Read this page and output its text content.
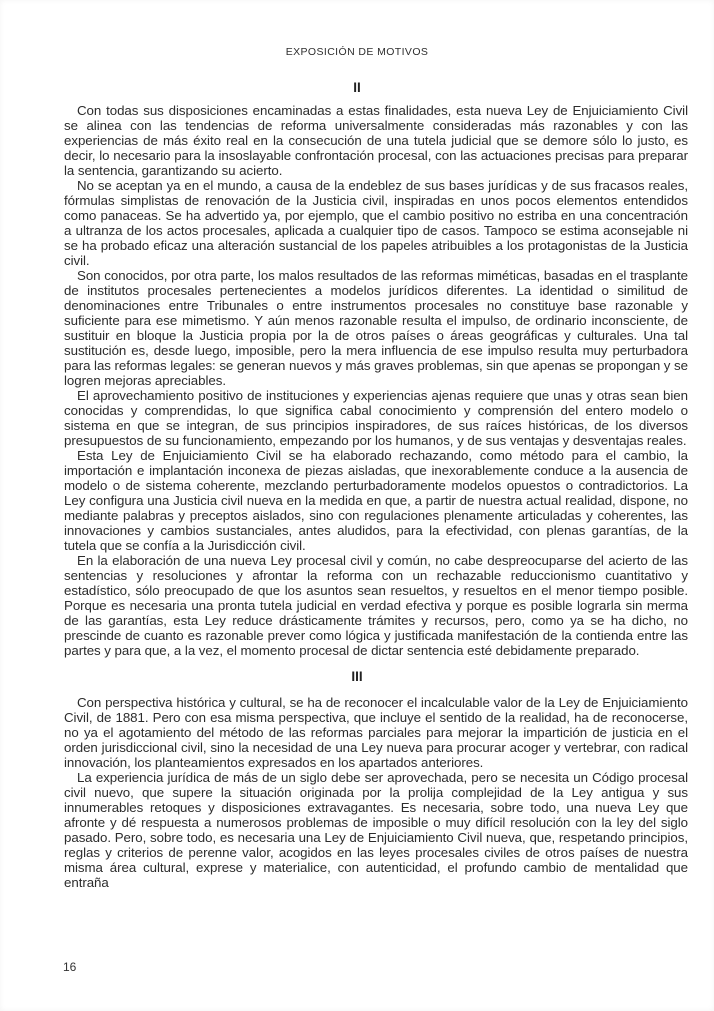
EXPOSICIÓN DE MOTIVOS
II

Con todas sus disposiciones encaminadas a estas finalidades, esta nueva Ley de Enjuiciamiento Civil se alinea con las tendencias de reforma universalmente consideradas más razonables y con las experiencias de más éxito real en la consecución de una tutela judicial que se demore sólo lo justo, es decir, lo necesario para la insoslayable confrontación procesal, con las actuaciones precisas para preparar la sentencia, garantizando su acierto.

No se aceptan ya en el mundo, a causa de la endeblez de sus bases jurídicas y de sus fracasos reales, fórmulas simplistas de renovación de la Justicia civil, inspiradas en unos pocos elementos entendidos como panaceas. Se ha advertido ya, por ejemplo, que el cambio positivo no estriba en una concentración a ultranza de los actos procesales, aplicada a cualquier tipo de casos. Tampoco se estima aconsejable ni se ha probado eficaz una alteración sustancial de los papeles atribuibles a los protagonistas de la Justicia civil.

Son conocidos, por otra parte, los malos resultados de las reformas miméticas, basadas en el trasplante de institutos procesales pertenecientes a modelos jurídicos diferentes. La identidad o similitud de denominaciones entre Tribunales o entre instrumentos procesales no constituye base razonable y suficiente para ese mimetismo. Y aún menos razonable resulta el impulso, de ordinario inconsciente, de sustituir en bloque la Justicia propia por la de otros países o áreas geográficas y culturales. Una tal sustitución es, desde luego, imposible, pero la mera influencia de ese impulso resulta muy perturbadora para las reformas legales: se generan nuevos y más graves problemas, sin que apenas se propongan y se logren mejoras apreciables.

El aprovechamiento positivo de instituciones y experiencias ajenas requiere que unas y otras sean bien conocidas y comprendidas, lo que significa cabal conocimiento y comprensión del entero modelo o sistema en que se integran, de sus principios inspiradores, de sus raíces históricas, de los diversos presupuestos de su funcionamiento, empezando por los humanos, y de sus ventajas y desventajas reales.

Esta Ley de Enjuiciamiento Civil se ha elaborado rechazando, como método para el cambio, la importación e implantación inconexa de piezas aisladas, que inexorablemente conduce a la ausencia de modelo o de sistema coherente, mezclando perturbadoramente modelos opuestos o contradictorios. La Ley configura una Justicia civil nueva en la medida en que, a partir de nuestra actual realidad, dispone, no mediante palabras y preceptos aislados, sino con regulaciones plenamente articuladas y coherentes, las innovaciones y cambios sustanciales, antes aludidos, para la efectividad, con plenas garantías, de la tutela que se confía a la Jurisdicción civil.

En la elaboración de una nueva Ley procesal civil y común, no cabe despreocuparse del acierto de las sentencias y resoluciones y afrontar la reforma con un rechazable reduccionismo cuantitativo y estadístico, sólo preocupado de que los asuntos sean resueltos, y resueltos en el menor tiempo posible. Porque es necesaria una pronta tutela judicial en verdad efectiva y porque es posible lograrla sin merma de las garantías, esta Ley reduce drásticamente trámites y recursos, pero, como ya se ha dicho, no prescinde de cuanto es razonable prever como lógica y justificada manifestación de la contienda entre las partes y para que, a la vez, el momento procesal de dictar sentencia esté debidamente preparado.

III

Con perspectiva histórica y cultural, se ha de reconocer el incalculable valor de la Ley de Enjuiciamiento Civil, de 1881. Pero con esa misma perspectiva, que incluye el sentido de la realidad, ha de reconocerse, no ya el agotamiento del método de las reformas parciales para mejorar la impartición de justicia en el orden jurisdiccional civil, sino la necesidad de una Ley nueva para procurar acoger y vertebrar, con radical innovación, los planteamientos expresados en los apartados anteriores.

La experiencia jurídica de más de un siglo debe ser aprovechada, pero se necesita un Código procesal civil nuevo, que supere la situación originada por la prolija complejidad de la Ley antigua y sus innumerables retoques y disposiciones extravagantes. Es necesaria, sobre todo, una nueva Ley que afronte y dé respuesta a numerosos problemas de imposible o muy difícil resolución con la ley del siglo pasado. Pero, sobre todo, es necesaria una Ley de Enjuiciamiento Civil nueva, que, respetando principios, reglas y criterios de perenne valor, acogidos en las leyes procesales civiles de otros países de nuestra misma área cultural, exprese y materialice, con autenticidad, el profundo cambio de mentalidad que entraña

16
